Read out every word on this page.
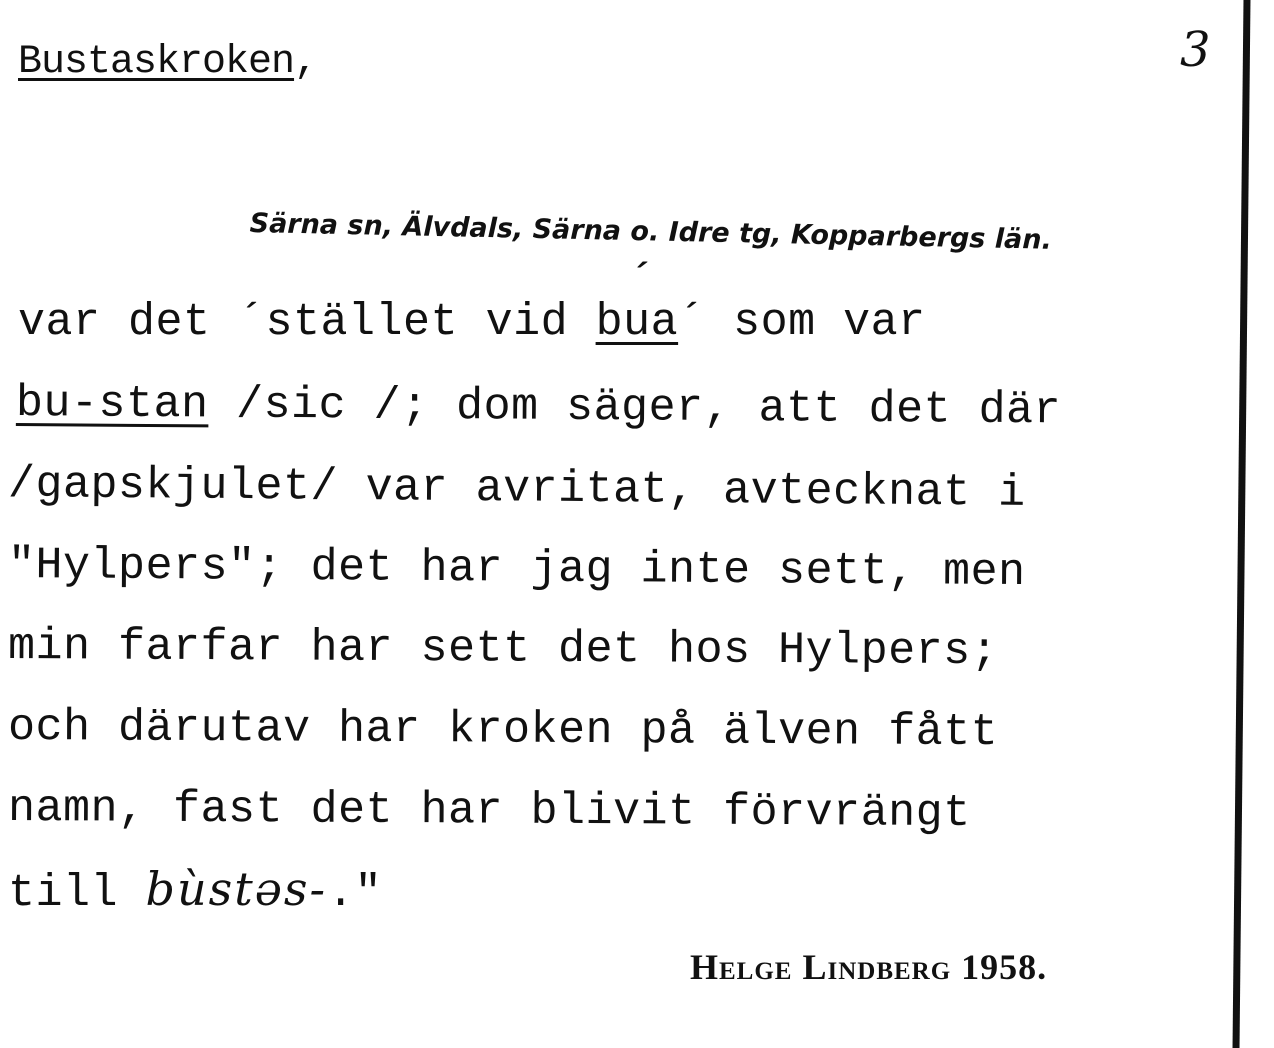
Bustaskroken,	3
Särna sn, Älvdals, Särna o. Idre tg, Kopparbergs län.
var det ´stället vid ´ bua´ som var
bu-stan /sic /; dom säger, att det där
/gapskjulet/ var avritat, avtecknat i
"Hylpers"; det har jag inte sett, men
min farfar har sett det hos Hylpers;
och därutav har kroken på älven fått
namn, fast det har blivit förvrängt
till bùstəs-."
Helge Lindberg 1958.
